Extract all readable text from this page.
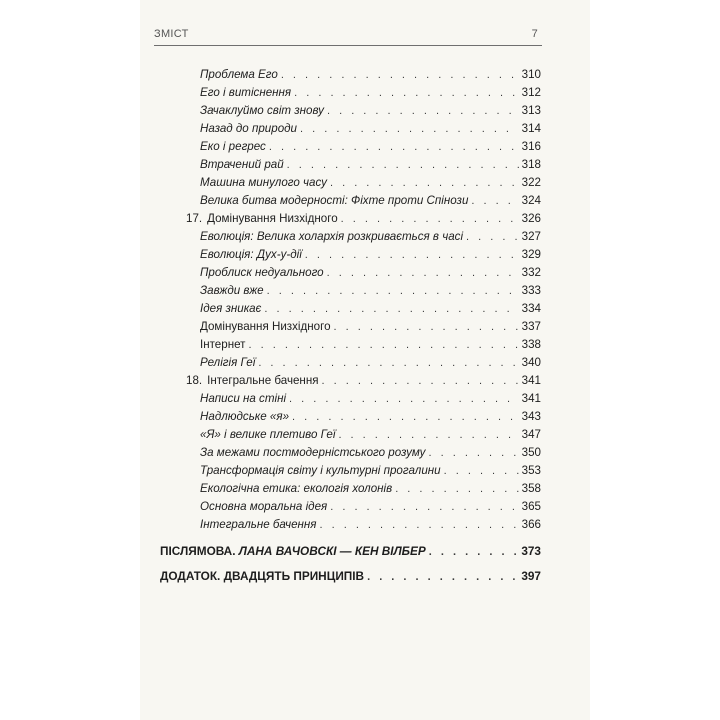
ЗМІСТ	7
Проблема Его . . .	310
Его і витіснення . . .	312
Зачаклуймо світ знову . . .	313
Назад до природи . . .	314
Еко і регрес . . .	316
Втрачений рай . . .	318
Машина минулого часу . . .	322
Велика битва модерності: Фіхте проти Спінози . . .	324
17. Домінування Низхідного . . .	326
Еволюція: Велика холархія розкривається в часі . . .	327
Еволюція: Дух-у-дії . . .	329
Проблиск недуального . . .	332
Завжди вже . . .	333
Ідея зникає . . .	334
Домінування Низхідного . . .	337
Інтернет . . .	338
Релігія Геї . . .	340
18. Інтегральне бачення . . .	341
Написи на стіні . . .	341
Надлюдське «я» . . .	343
«Я» і велике плетиво Геї . . .	347
За межами постмодерністського розуму . . .	350
Трансформація світу і культурні прогалини . . .	353
Екологічна етика: екологія холонів . . .	358
Основна моральна ідея . . .	365
Інтегральне бачення . . .	366
ПІСЛЯМОВА. ЛАНА ВАЧОВСКІ — КЕН ВІЛБЕР . . .	373
ДОДАТОК. ДВАДЦЯТЬ ПРИНЦИПІВ . . .	397
